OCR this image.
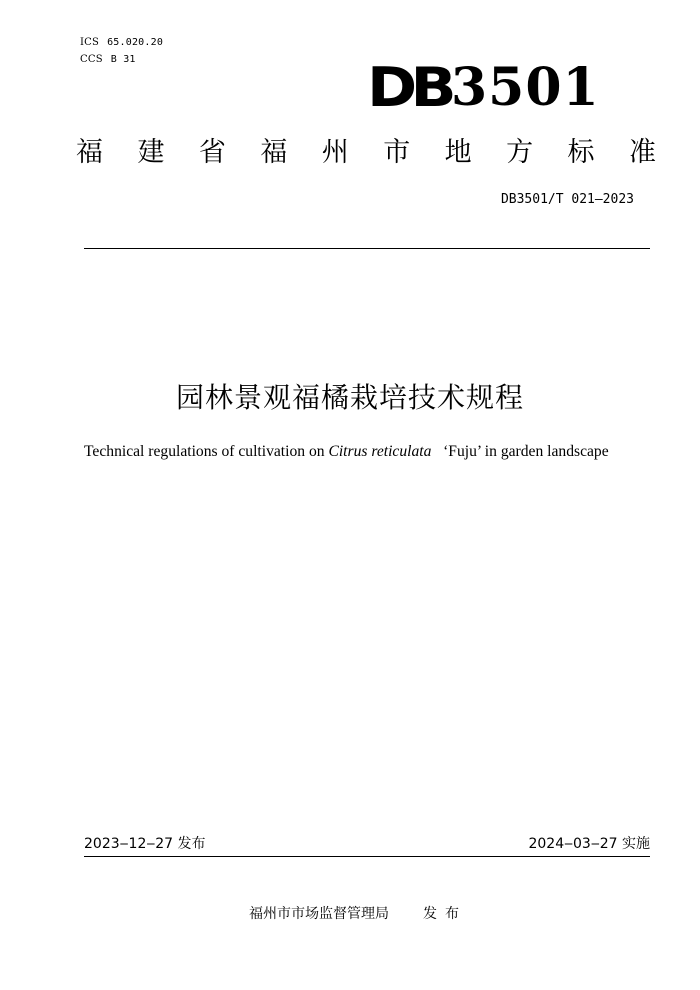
ICS 65.020.20
CCS B 31	DB 3501
福 建 省 福 州 市 地 方 标 准
DB3501/T 021—2023
园林景观福橘栽培技术规程
Technical regulations of cultivation on Citrus reticulata   ‘Fuju’ in garden landscape
2023‒12‒27 发布	2024‒03‒27 实施
福州市市场监督管理局 发布
